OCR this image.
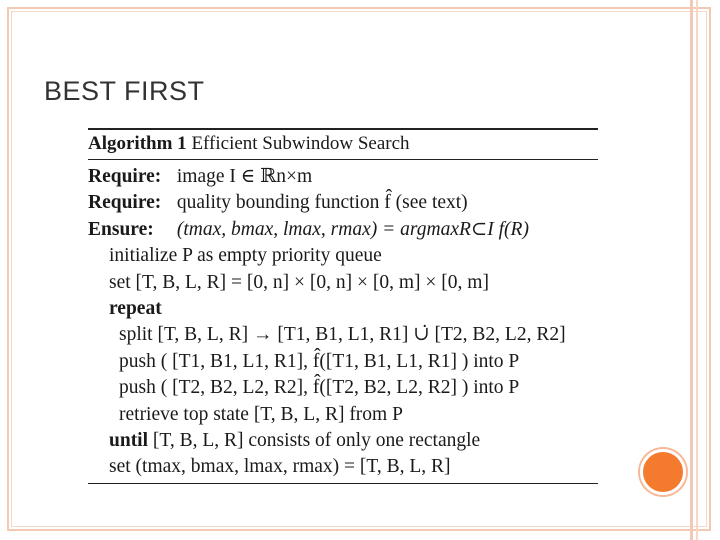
BEST FIRST
Algorithm 1 Efficient Subwindow Search
Require: image I ∈ ℝn×m
Require: quality bounding function f̂ (see text)
Ensure: (tmax, bmax, lmax, rmax) = argmaxR⊂I f(R)
initialize P as empty priority queue
set [T, B, L, R] = [0, n] × [0, n] × [0, m] × [0, m]
repeat
split [T, B, L, R] → [T1, B1, L1, R1] ∪̇ [T2, B2, L2, R2]
push ( [T1, B1, L1, R1], f̂([T1, B1, L1, R1] ) into P
push ( [T2, B2, L2, R2], f̂([T2, B2, L2, R2] ) into P
retrieve top state [T, B, L, R] from P
until [T, B, L, R] consists of only one rectangle
set (tmax, bmax, lmax, rmax) = [T, B, L, R]
